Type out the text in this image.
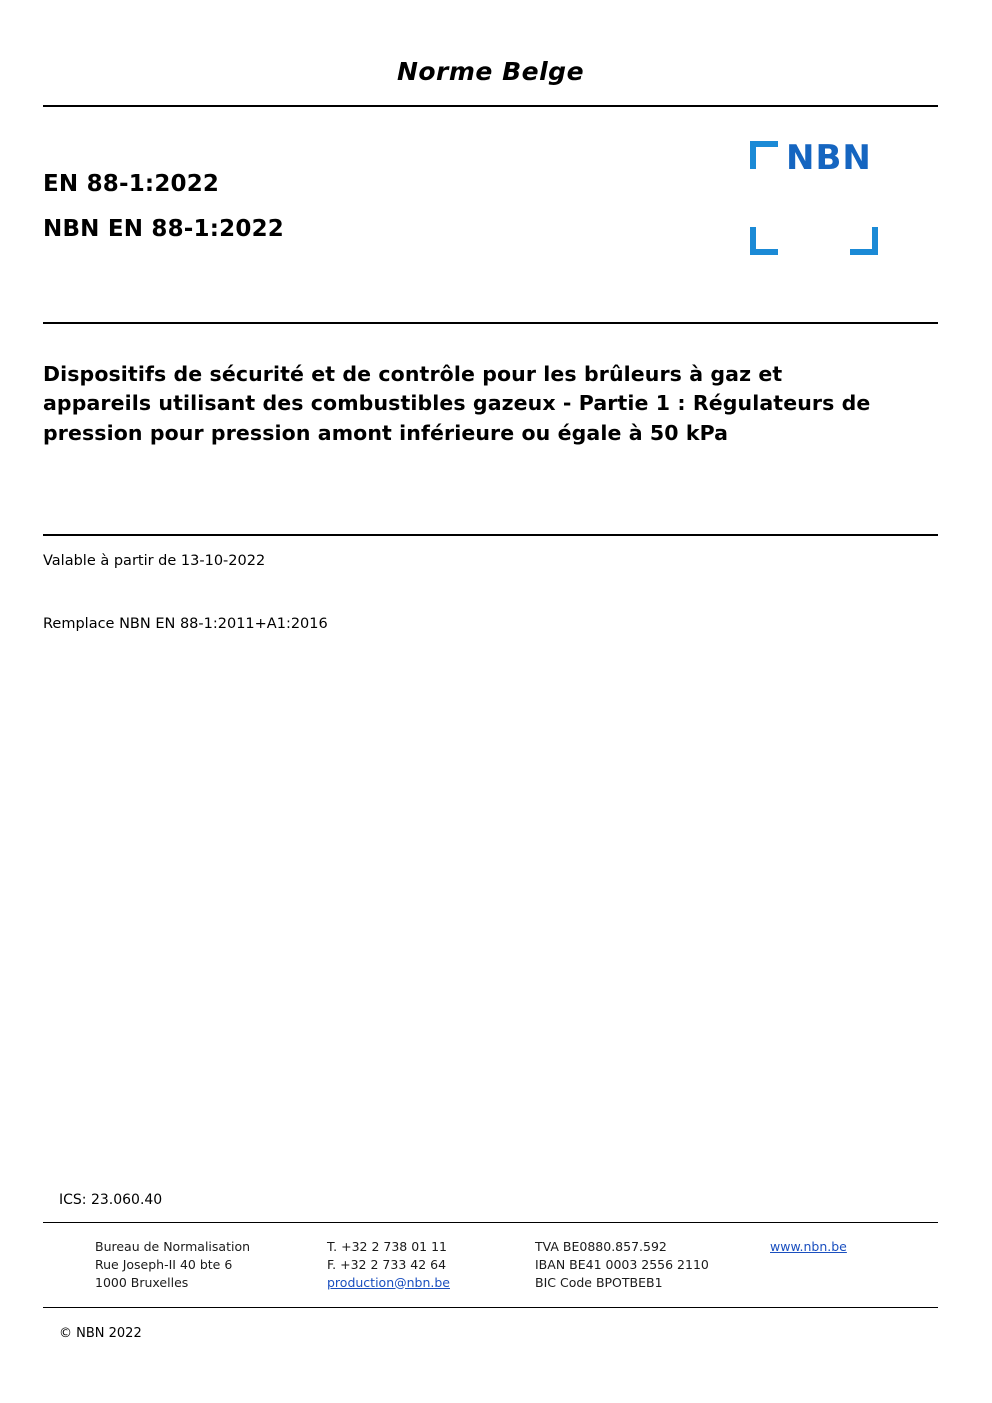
Norme Belge
EN 88-1:2022
NBN EN 88-1:2022
NBN
Dispositifs de sécurité et de contrôle pour les brûleurs à gaz et appareils utilisant des combustibles gazeux - Partie 1 : Régulateurs de pression pour pression amont inférieure ou égale à 50 kPa
Valable à partir de 13-10-2022
Remplace NBN EN 88-1:2011+A1:2016
ICS: 23.060.40
Bureau de Normalisation
Rue Joseph-II 40 bte 6
1000 Bruxelles
T. +32 2 738 01 11
F. +32 2 733 42 64
production@nbn.be
TVA BE0880.857.592
IBAN BE41 0003 2556 2110
BIC Code BPOTBEB1
www.nbn.be
© NBN 2022
